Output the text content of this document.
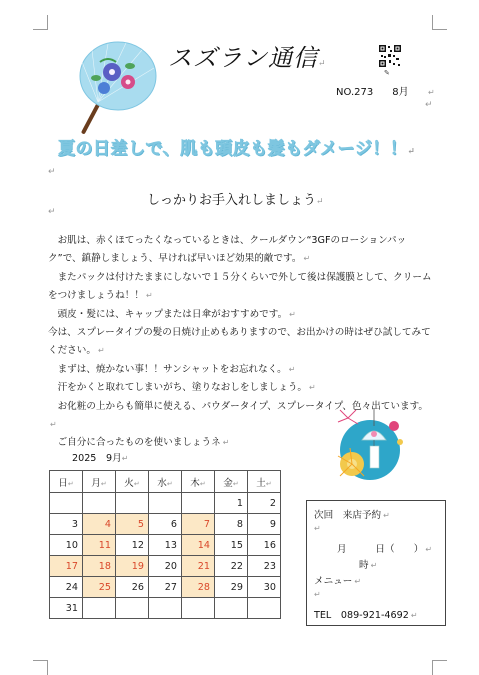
スズラン通信↵
✎
NO.273 8月 ↵
↵
夏の日差しで、肌も頭皮も髪もダメージ！！↵
↵
しっかりお手入れしましょう↵
↵

　お肌は、赤くほてったくなっているときは、クールダウン“3GFのローションパック”で、鎮静しましょう、早ければ早いほど効果的敵です。 ↵

　またパックは付けたままにしないで１５分くらいで外して後は保護膜として、クリームをつけましょうね！！ ↵

　頭皮・髪には、キャップまたは日傘がおすすめです。 ↵

今は、スプレータイプの髪の日焼け止めもありますので、お出かけの時はぜひ試してみてください。 ↵

　まずは、焼かない事！！サンシャットをお忘れなく。 ↵

　汗をかくと取れてしまいがち、塗りなおしをしましょう。 ↵

　お化粧の上からも簡単に使える、パウダータイプ、スプレータイプ、色々出ています。↵

　ご自分に合ったものを使いましょうネ ↵

2025　9月↵
日↵	月↵	火↵	水↵	木↵	金↵	土↵
					1	2
3	4	5	6	7	8	9
10	11	12	13	14	15	16
17	18	19	20	21	22	23
24	25	26	27	28	29	30
31						
次回　来店予約 ↵
↵
月　　　日（　　） ↵
時 ↵
メニュー ↵
↵
TEL　089-921-4692 ↵
